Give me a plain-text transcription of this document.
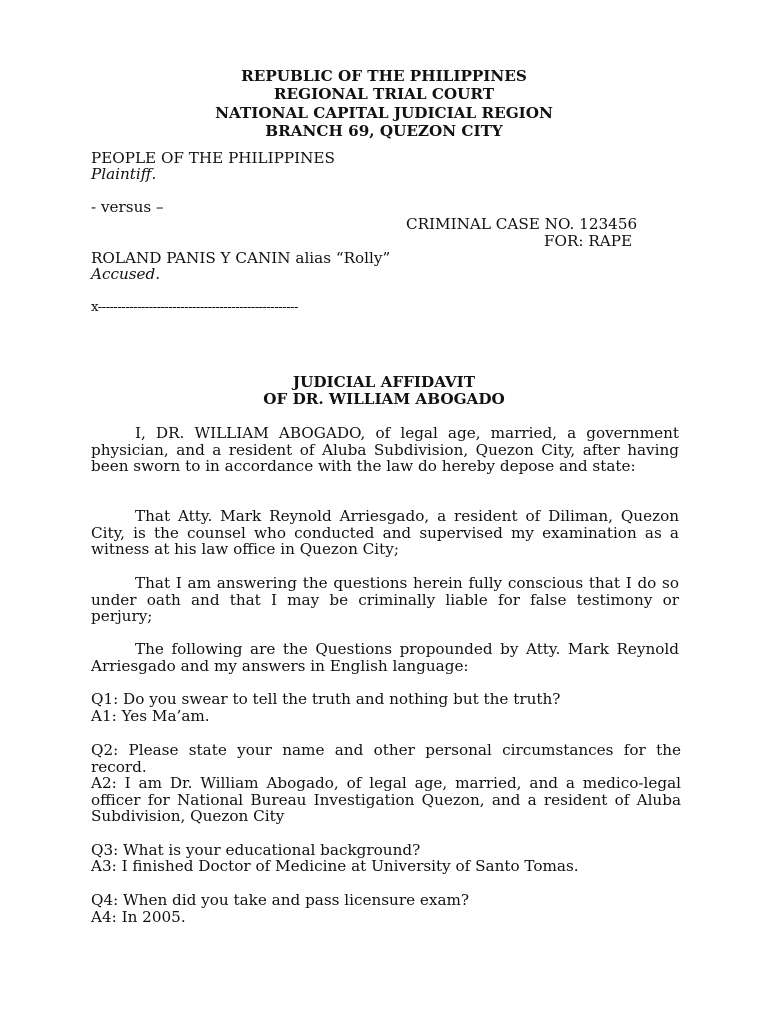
REPUBLIC OF THE PHILIPPINES
REGIONAL TRIAL COURT
NATIONAL CAPITAL JUDICIAL REGION
BRANCH 69, QUEZON CITY
PEOPLE OF THE PHILIPPINES
Plaintiff.
- versus –
CRIMINAL CASE NO. 123456
FOR: RAPE
ROLAND PANIS Y CANIN alias “Rolly”
Accused.
x---------------------------------------------------
JUDICIAL AFFIDAVIT
OF DR. WILLIAM ABOGADO
I, DR. WILLIAM ABOGADO, of legal age, married, a government physician, and a resident of Aluba Subdivision, Quezon City, after having been sworn to in accordance with the law do hereby depose and state:
That Atty. Mark Reynold Arriesgado, a resident of Diliman, Quezon City, is the counsel who conducted and supervised my examination as a witness at his law office in Quezon City;
That I am answering the questions herein fully conscious that I do so under oath and that I may be criminally liable for false testimony or perjury;
The following are the Questions propounded by Atty. Mark Reynold Arriesgado and my answers in English language:
Q1: Do you swear to tell the truth and nothing but the truth?
A1: Yes Ma’am.
Q2: Please state your name and other personal circumstances for the record.
A2: I am Dr. William Abogado, of legal age, married, and a medico-legal officer for National Bureau Investigation Quezon, and a resident of Aluba Subdivision, Quezon City
Q3: What is your educational background?
A3: I finished Doctor of Medicine at University of Santo Tomas.
Q4: When did you take and pass licensure exam?
A4: In 2005.
